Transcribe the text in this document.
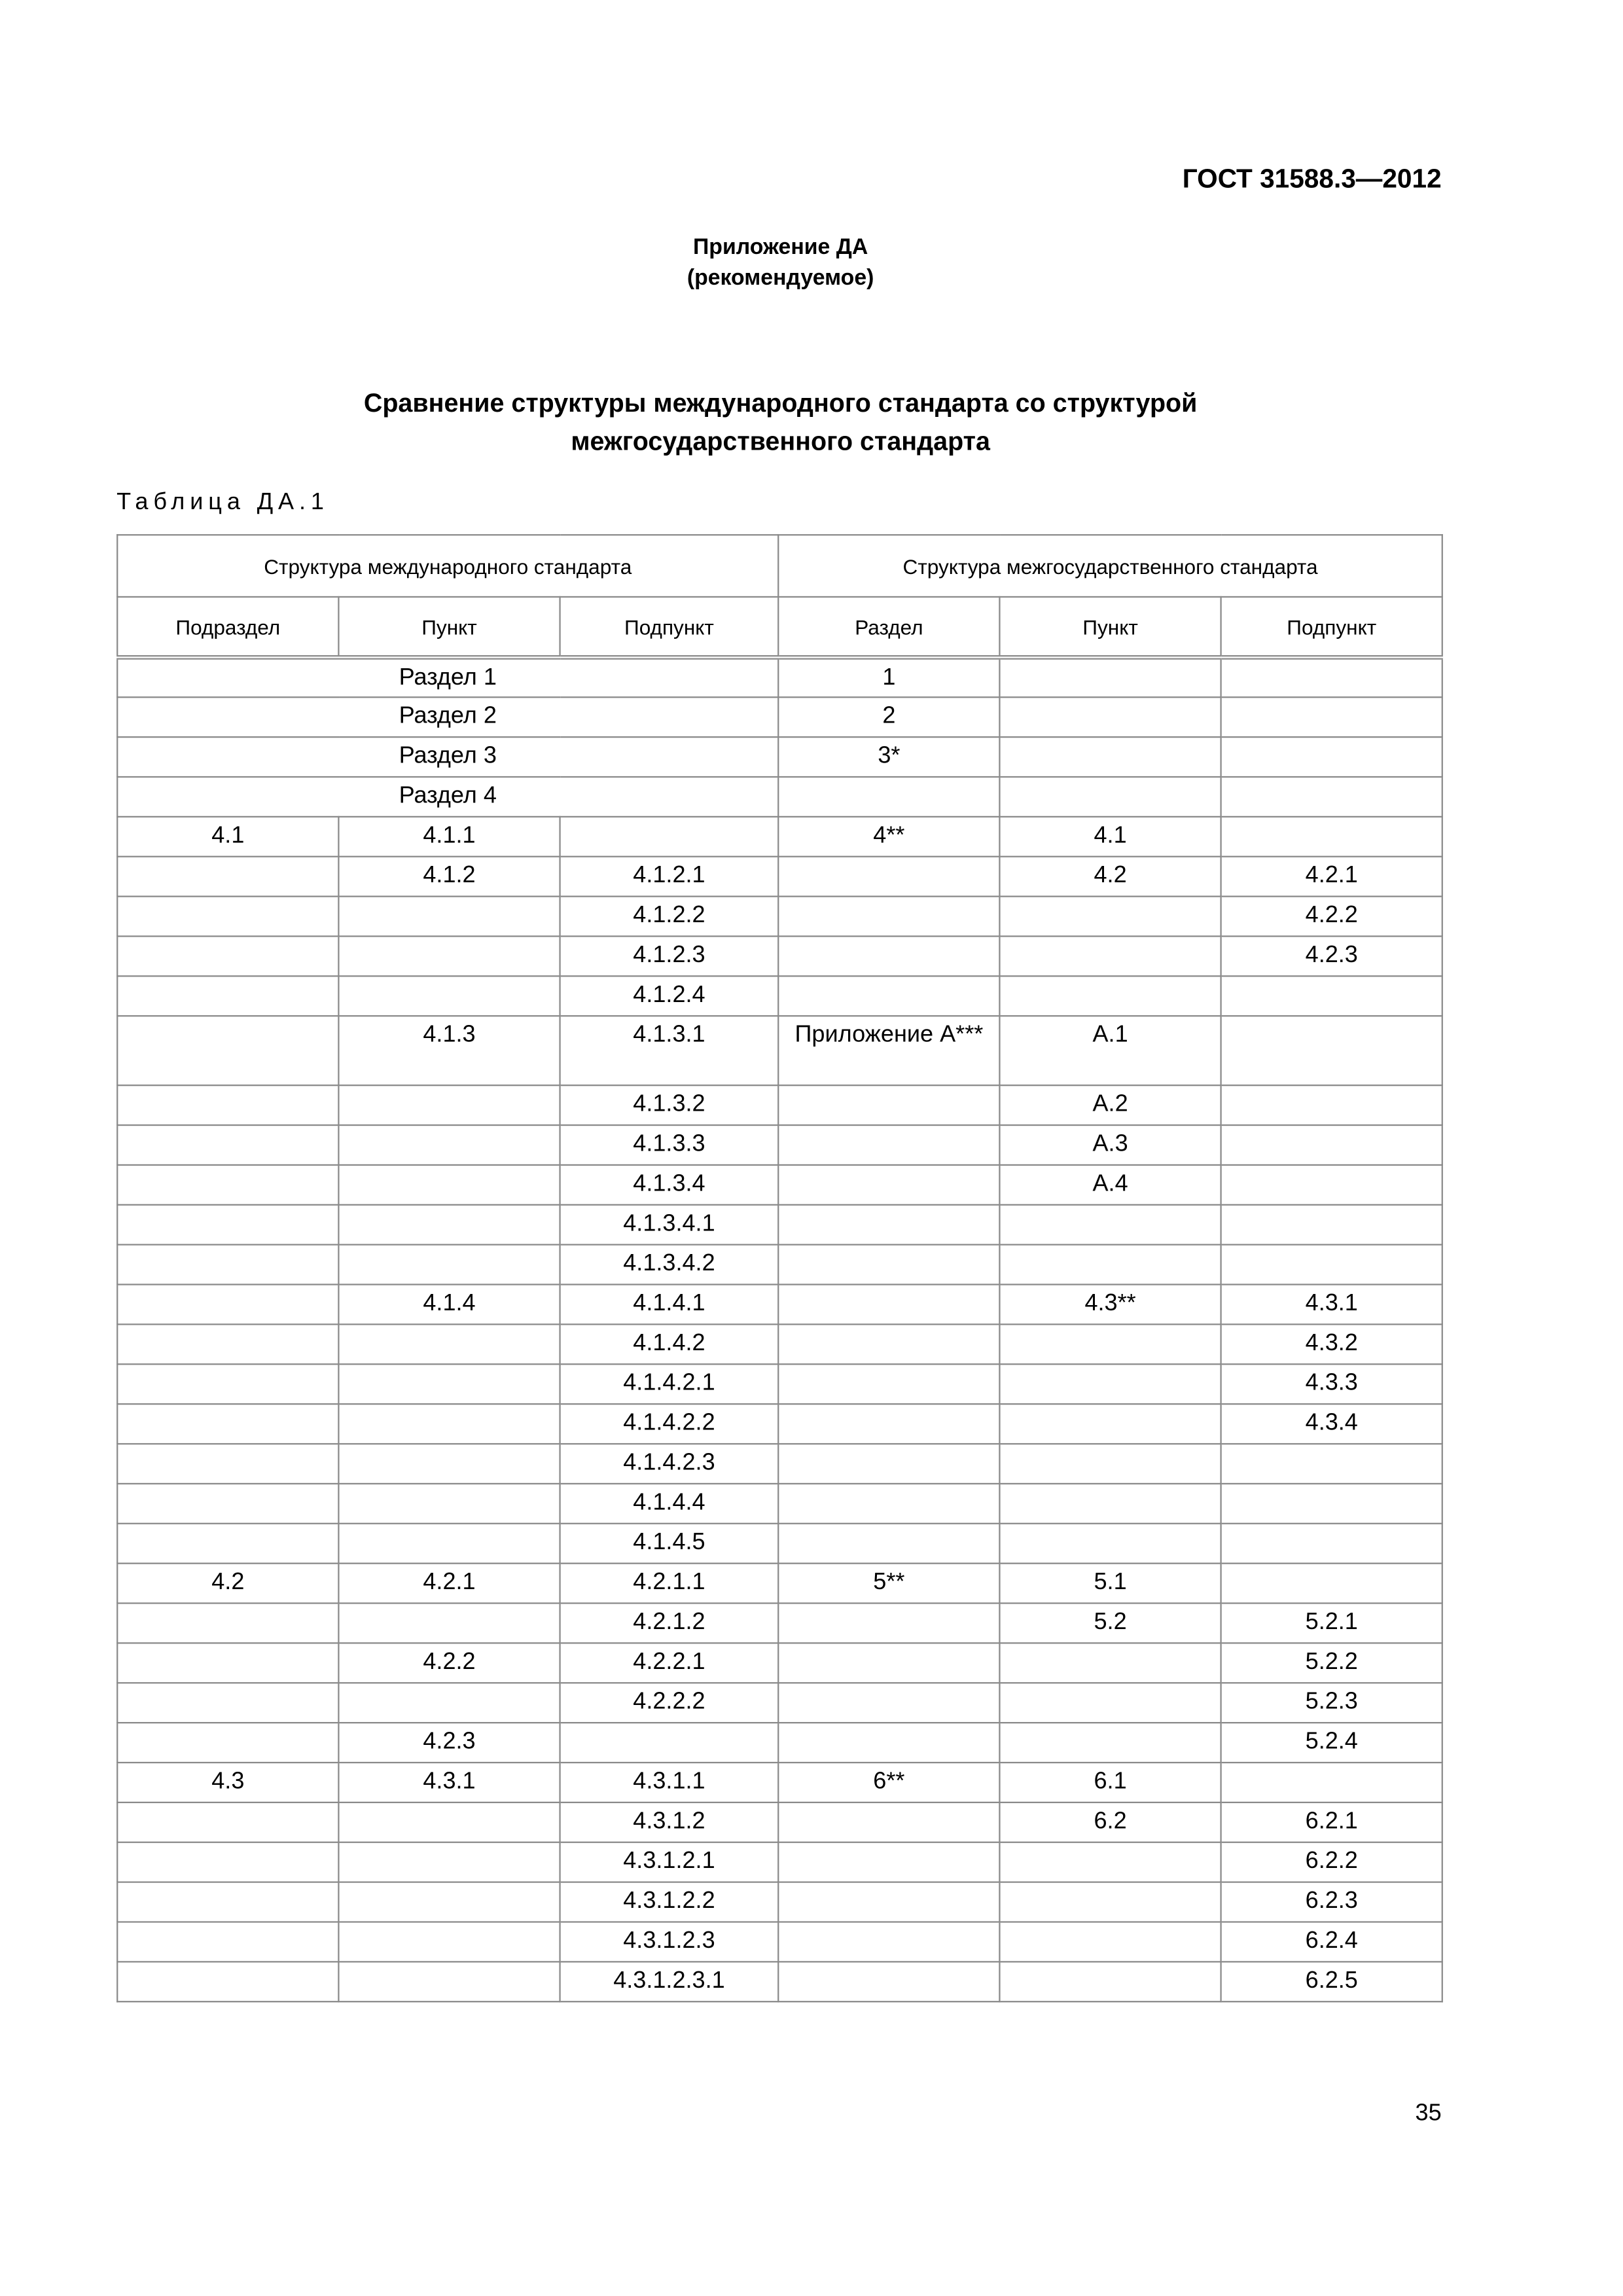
ГОСТ 31588.3—2012
Приложение ДА
(рекомендуемое)
Сравнение структуры международного стандарта со структурой
межгосударственного стандарта
Таблица ДА.1
Структура международного стандарта			Структура межгосударственного стандарта		
Подраздел	Пункт	Подпункт	Раздел	Пункт	Подпункт
Раздел 1			1		
Раздел 2			2		
Раздел 3			3*		
Раздел 4					
4.1	4.1.1		4**	4.1	
	4.1.2	4.1.2.1		4.2	4.2.1
		4.1.2.2			4.2.2
		4.1.2.3			4.2.3
		4.1.2.4			
	4.1.3	4.1.3.1	Приложение А***	А.1	
		4.1.3.2		А.2	
		4.1.3.3		А.3	
		4.1.3.4		А.4	
		4.1.3.4.1			
		4.1.3.4.2			
	4.1.4	4.1.4.1		4.3**	4.3.1
		4.1.4.2			4.3.2
		4.1.4.2.1			4.3.3
		4.1.4.2.2			4.3.4
		4.1.4.2.3			
		4.1.4.4			
		4.1.4.5			
4.2	4.2.1	4.2.1.1	5**	5.1	
		4.2.1.2		5.2	5.2.1
	4.2.2	4.2.2.1			5.2.2
		4.2.2.2			5.2.3
	4.2.3				5.2.4
4.3	4.3.1	4.3.1.1	6**	6.1	
		4.3.1.2		6.2	6.2.1
		4.3.1.2.1			6.2.2
		4.3.1.2.2			6.2.3
		4.3.1.2.3			6.2.4
		4.3.1.2.3.1			6.2.5
35
